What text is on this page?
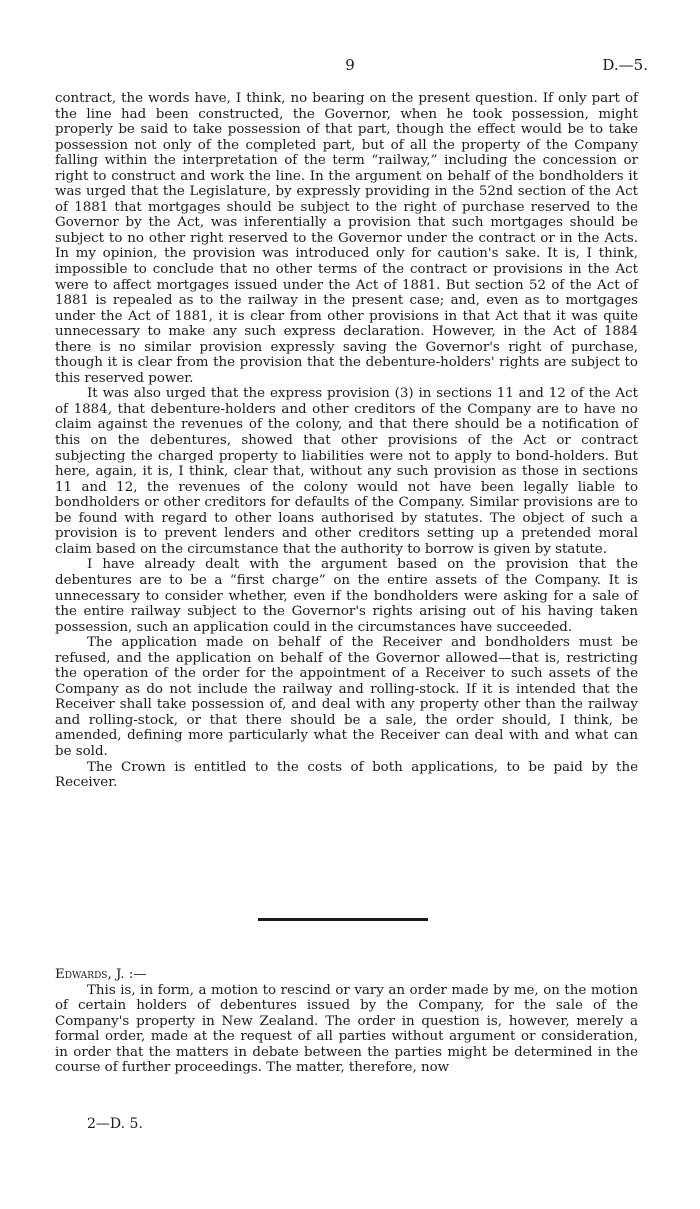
9	D.—5.

contract, the words have, I think, no bearing on the present question. If only part of the line had been constructed, the Governor, when he took possession, might properly be said to take possession of that part, though the effect would be to take possession not only of the completed part, but of all the property of the Company falling within the interpretation of the term “railway,” including the concession or right to construct and work the line. In the argument on behalf of the bondholders it was urged that the Legislature, by expressly providing in the 52nd section of the Act of 1881 that mortgages should be subject to the right of purchase reserved to the Governor by the Act, was inferentially a provision that such mortgages should be subject to no other right reserved to the Governor under the contract or in the Acts. In my opinion, the provision was introduced only for caution's sake. It is, I think, impossible to conclude that no other terms of the contract or provisions in the Act were to affect mortgages issued under the Act of 1881. But section 52 of the Act of 1881 is repealed as to the railway in the present case; and, even as to mortgages under the Act of 1881, it is clear from other provisions in that Act that it was quite unnecessary to make any such express declaration. However, in the Act of 1884 there is no similar provision expressly saving the Governor's right of purchase, though it is clear from the provision that the debenture-holders' rights are subject to this reserved power.

It was also urged that the express provision (3) in sections 11 and 12 of the Act of 1884, that debenture-holders and other creditors of the Company are to have no claim against the revenues of the colony, and that there should be a notification of this on the debentures, showed that other provisions of the Act or contract subjecting the charged property to liabilities were not to apply to bond-holders. But here, again, it is, I think, clear that, without any such provision as those in sections 11 and 12, the revenues of the colony would not have been legally liable to bondholders or other creditors for defaults of the Company. Similar provisions are to be found with regard to other loans authorised by statutes. The object of such a provision is to prevent lenders and other creditors setting up a pretended moral claim based on the circumstance that the authority to borrow is given by statute.

I have already dealt with the argument based on the provision that the debentures are to be a “first charge” on the entire assets of the Company. It is unnecessary to consider whether, even if the bondholders were asking for a sale of the entire railway subject to the Governor's rights arising out of his having taken possession, such an application could in the circumstances have succeeded.

The application made on behalf of the Receiver and bondholders must be refused, and the application on behalf of the Governor allowed—that is, restricting the operation of the order for the appointment of a Receiver to such assets of the Company as do not include the railway and rolling-stock. If it is intended that the Receiver shall take possession of, and deal with any property other than the railway and rolling-stock, or that there should be a sale, the order should, I think, be amended, defining more particularly what the Receiver can deal with and what can be sold.

The Crown is entitled to the costs of both applications, to be paid by the Receiver.

Edwards, J. :—

This is, in form, a motion to rescind or vary an order made by me, on the motion of certain holders of debentures issued by the Company, for the sale of the Company's property in New Zealand. The order in question is, however, merely a formal order, made at the request of all parties without argument or consideration, in order that the matters in debate between the parties might be determined in the course of further proceedings. The matter, therefore, now

2—D. 5.
